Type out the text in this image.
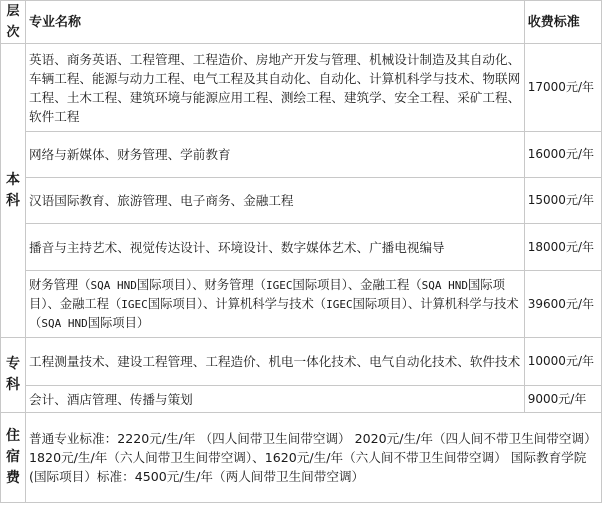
层
次	专业名称	收费标准

本
科	英语、商务英语、工程管理、工程造价、房地产开发与管理、机械设计制造及其自动化、车辆工程、能源与动力工程、电气工程及其自动化、自动化、计算机科学与技术、物联网工程、土木工程、建筑环境与能源应用工程、测绘工程、建筑学、安全工程、采矿工程、软件工程	17000元/年
	网络与新媒体、财务管理、学前教育	16000元/年
	汉语国际教育、旅游管理、电子商务、金融工程	15000元/年
	播音与主持艺术、视觉传达设计、环境设计、数字媒体艺术、广播电视编导	18000元/年
	财务管理（SQA HND国际项目）、财务管理（IGEC国际项目）、金融工程（SQA HND国际项目）、金融工程（IGEC国际项目）、计算机科学与技术（IGEC国际项目）、计算机科学与技术（SQA HND国际项目）	39600元/年

专
科	工程测量技术、建设工程管理、工程造价、机电一体化技术、电气自动化技术、软件技术	10000元/年
	会计、酒店管理、传播与策划	9000元/年

住
宿
费	普通专业标准：2220元/生/年 （四人间带卫生间带空调） 2020元/生/年（四人间不带卫生间带空调） 1820元/生/年（六人间带卫生间带空调）、1620元/生/年（六人间不带卫生间带空调） 国际教育学院(国际项目）标准：4500元/生/年（两人间带卫生间带空调）	
